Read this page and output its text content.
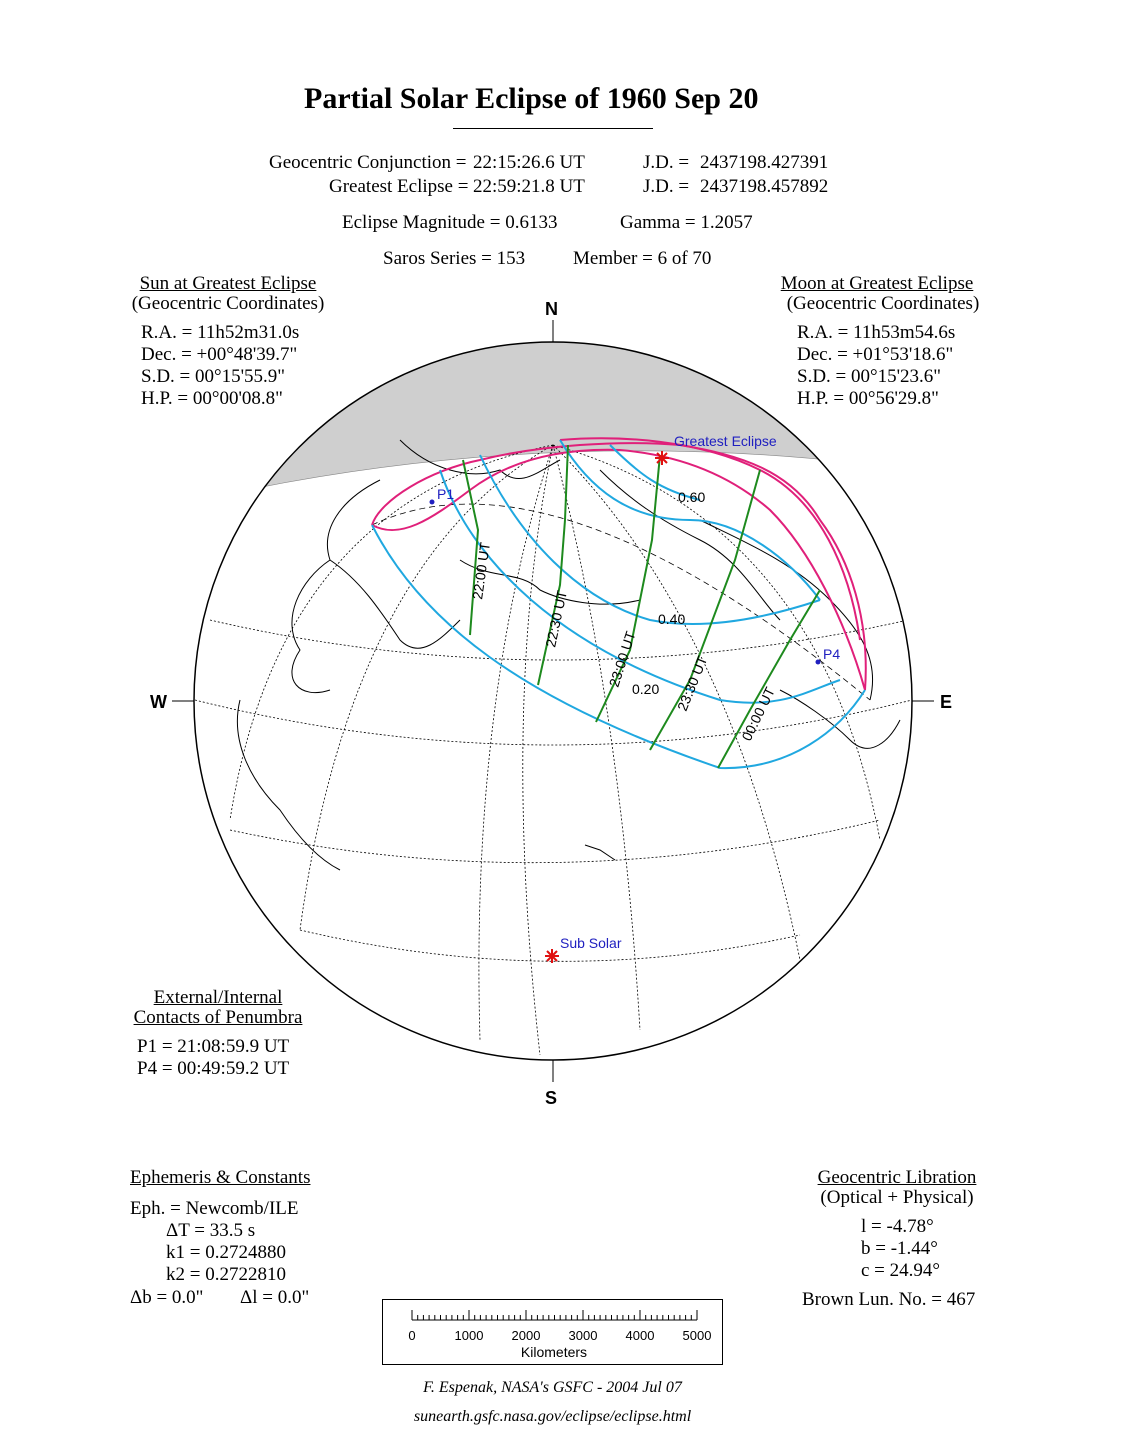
Partial Solar Eclipse of 1960 Sep 20
Geocentric Conjunction = 22:15:26.6 UT	J.D. = 2437198.427391
Greatest Eclipse = 22:59:21.8 UT	J.D. = 2437198.457892
Eclipse Magnitude = 0.6133	Gamma = 1.2057
Saros Series = 153	Member = 6 of 70
Sun at Greatest Eclipse
(Geocentric Coordinates)
R.A. = 11h52m31.0s
Dec. = +00°48'39.7"
S.D. = 00°15'55.9"
H.P. = 00°00'08.8"
Moon at Greatest Eclipse
(Geocentric Coordinates)
R.A. = 11h53m54.6s
Dec. = +01°53'18.6"
S.D. = 00°15'23.6"
H.P. = 00°56'29.8"
0.60
0.40
0.20
22:00 UT
22:30 UT
23:00 UT	23:30 UT
00:00 UT
Greatest Eclipse
Sub Solar
P1
P4
N
S
W	E
External/Internal
Contacts of Penumbra
P1 = 21:08:59.9 UT
P4 = 00:49:59.2 UT
Ephemeris & Constants
Eph. = Newcomb/ILE
ΔT = 33.5 s
k1 = 0.2724880
k2 = 0.2722810
Δb = 0.0" Δl = 0.0"
Geocentric Libration
(Optical + Physical)
l = -4.78°
b = -1.44°
c = 24.94°
Brown Lun. No. = 467
0	1000 2000 3000 4000 5000
Kilometers
F. Espenak, NASA's GSFC - 2004 Jul 07
sunearth.gsfc.nasa.gov/eclipse/eclipse.html
